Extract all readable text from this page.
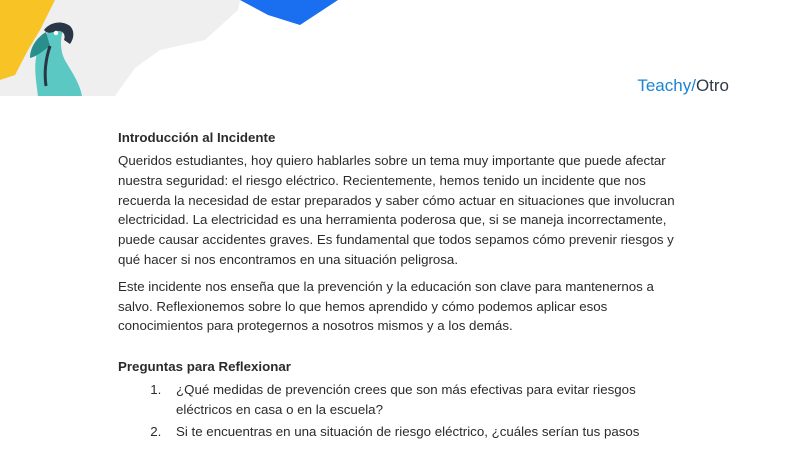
Teachy/Otro
Introducción al Incidente

Queridos estudiantes, hoy quiero hablarles sobre un tema muy importante que puede afectar nuestra seguridad: el riesgo eléctrico. Recientemente, hemos tenido un incidente que nos recuerda la necesidad de estar preparados y saber cómo actuar en situaciones que involucran electricidad. La electricidad es una herramienta poderosa que, si se maneja incorrectamente, puede causar accidentes graves. Es fundamental que todos sepamos cómo prevenir riesgos y qué hacer si nos encontramos en una situación peligrosa.

Este incidente nos enseña que la prevención y la educación son clave para mantenernos a salvo. Reflexionemos sobre lo que hemos aprendido y cómo podemos aplicar esos conocimientos para protegernos a nosotros mismos y a los demás.

Preguntas para Reflexionar
1. ¿Qué medidas de prevención crees que son más efectivas para evitar riesgos eléctricos en casa o en la escuela?
2. Si te encuentras en una situación de riesgo eléctrico, ¿cuáles serían tus pasos
